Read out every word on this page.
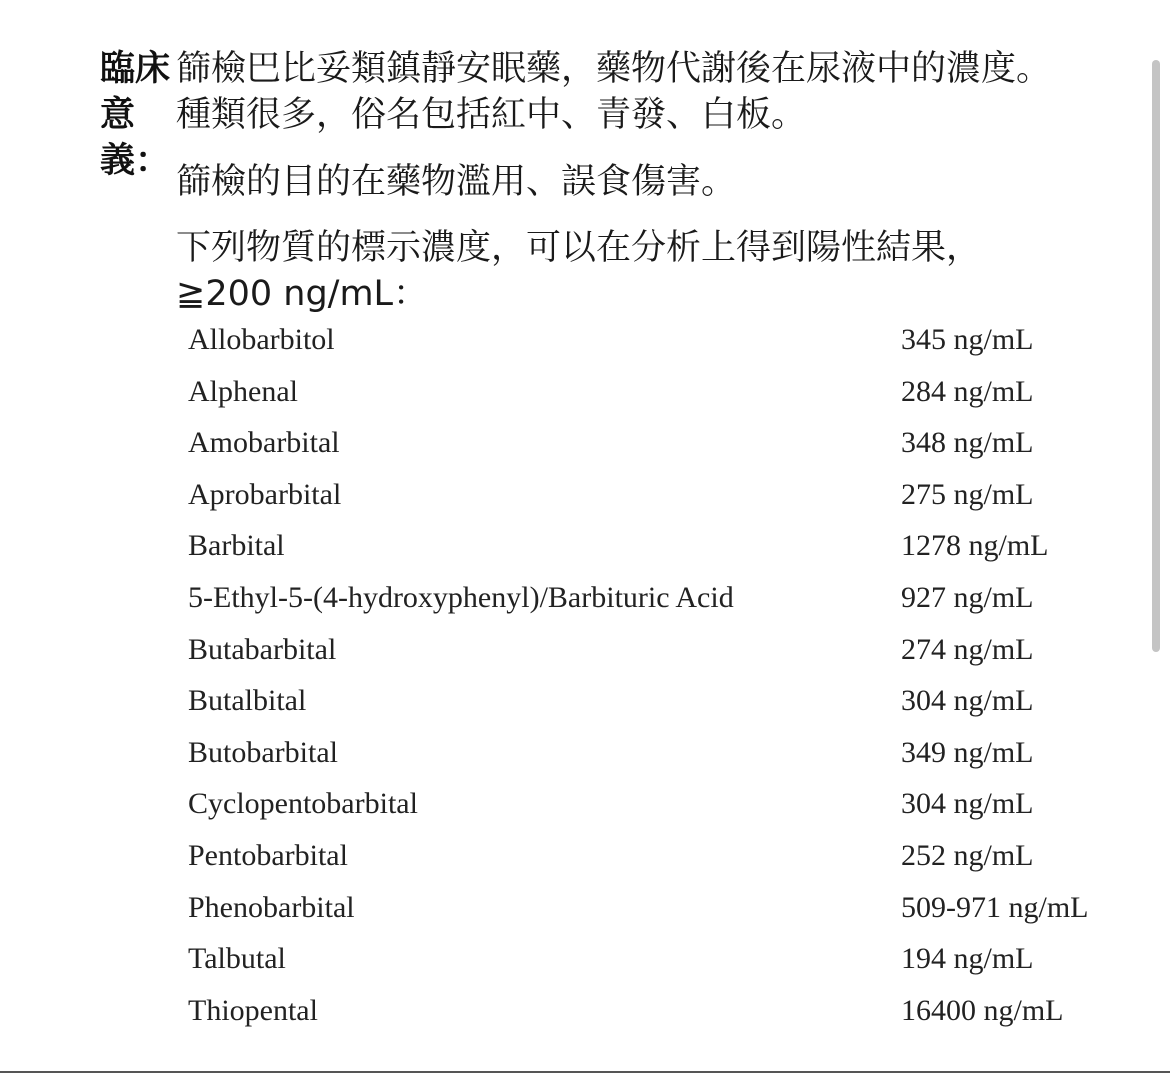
臨床
意　
義：

篩檢巴比妥類鎮靜安眠藥，藥物代謝後在尿液中的濃度。

種類很多，俗名包括紅中、青發、白板。

篩檢的目的在藥物濫用、誤食傷害。

下列物質的標示濃度，可以在分析上得到陽性結果，
≧200 ng/mL：

Allobarbitol	345 ng/mL
Alphenal	284 ng/mL
Amobarbital	348 ng/mL
Aprobarbital	275 ng/mL
Barbital	1278 ng/mL
5-Ethyl-5-(4-hydroxyphenyl)/Barbituric Acid	927 ng/mL
Butabarbital	274 ng/mL
Butalbital	304 ng/mL
Butobarbital	349 ng/mL
Cyclopentobarbital	304 ng/mL
Pentobarbital	252 ng/mL
Phenobarbital	509-971 ng/mL
Talbutal	194 ng/mL
Thiopental	16400 ng/mL
